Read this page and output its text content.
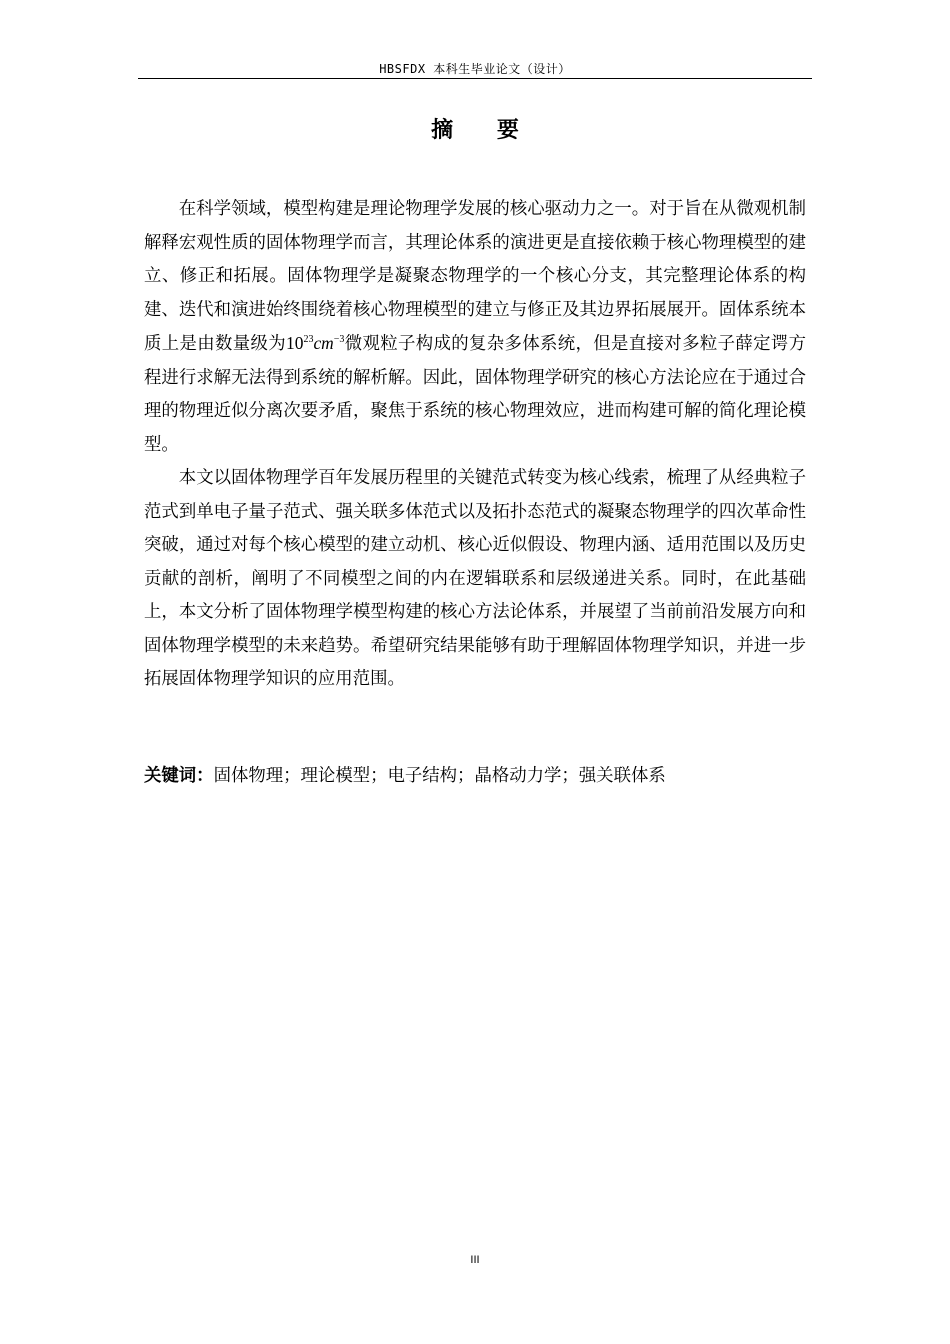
HBSFDX 本科生毕业论文（设计）
摘 要

在科学领域，模型构建是理论物理学发展的核心驱动力之一。对于旨在从微观机制解释宏观性质的固体物理学而言，其理论体系的演进更是直接依赖于核心物理模型的建立、修正和拓展。固体物理学是凝聚态物理学的一个核心分支，其完整理论体系的构建、迭代和演进始终围绕着核心物理模型的建立与修正及其边界拓展展开。固体系统本质上是由数量级为$10^{23}cm^{-3}$微观粒子构成的复杂多体系统，但是直接对多粒子薛定谔方程进行求解无法得到系统的解析解。因此，固体物理学研究的核心方法论应在于通过合理的物理近似分离次要矛盾，聚焦于系统的核心物理效应，进而构建可解的简化理论模型。

本文以固体物理学百年发展历程里的关键范式转变为核心线索，梳理了从经典粒子范式到单电子量子范式、强关联多体范式以及拓扑态范式的凝聚态物理学的四次革命性突破，通过对每个核心模型的建立动机、核心近似假设、物理内涵、适用范围以及历史贡献的剖析，阐明了不同模型之间的内在逻辑联系和层级递进关系。同时，在此基础上，本文分析了固体物理学模型构建的核心方法论体系，并展望了当前前沿发展方向和固体物理学模型的未来趋势。希望研究结果能够有助于理解固体物理学知识，并进一步拓展固体物理学知识的应用范围。

关键词：固体物理；理论模型；电子结构；晶格动力学；强关联体系
III
